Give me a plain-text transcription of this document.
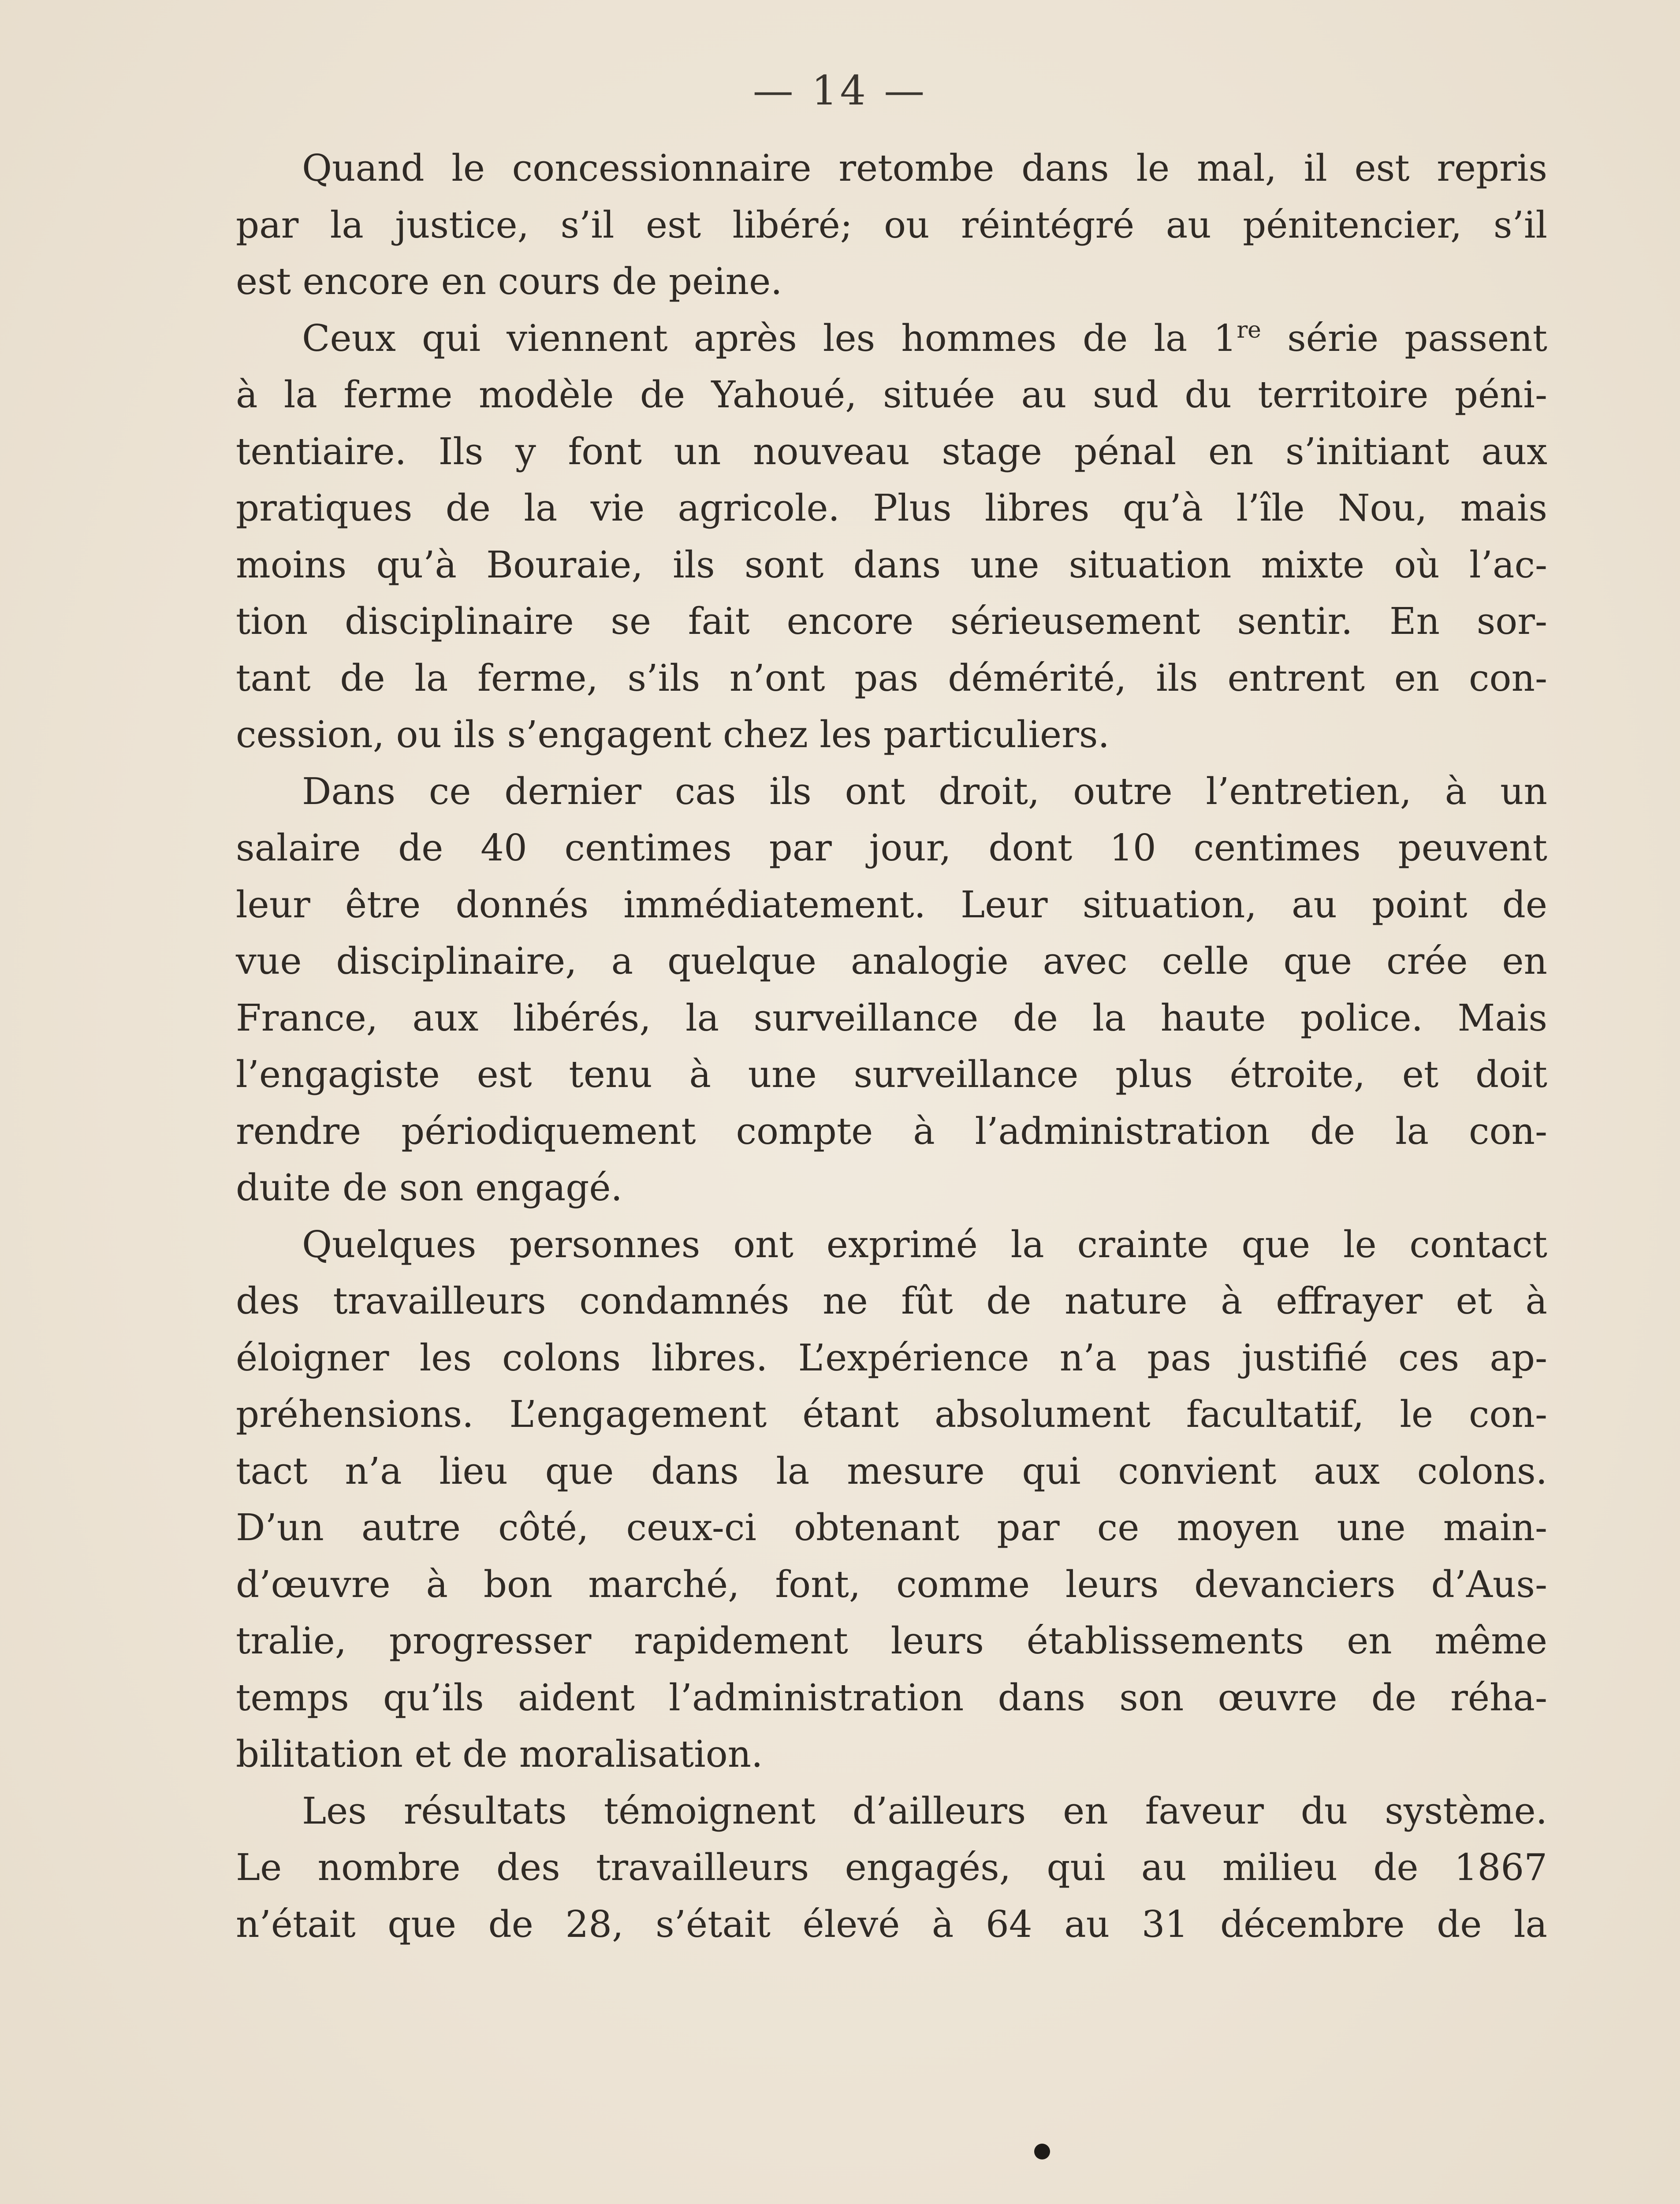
— 14 —
Quand le concessionnaire retombe dans le mal, il est repris
par la justice, s’il est libéré; ou réintégré au pénitencier, s’il
est encore en cours de peine.
Ceux qui viennent après les hommes de la 1re série passent
à la ferme modèle de Yahoué, située au sud du territoire péni-
tentiaire. Ils y font un nouveau stage pénal en s’initiant aux
pratiques de la vie agricole. Plus libres qu’à l’île Nou, mais
moins qu’à Bouraie, ils sont dans une situation mixte où l’ac-
tion disciplinaire se fait encore sérieusement sentir. En sor-
tant de la ferme, s’ils n’ont pas démérité, ils entrent en con-
cession, ou ils s’engagent chez les particuliers.
Dans ce dernier cas ils ont droit, outre l’entretien, à un
salaire de 40 centimes par jour, dont 10 centimes peuvent
leur être donnés immédiatement. Leur situation, au point de
vue disciplinaire, a quelque analogie avec celle que crée en
France, aux libérés, la surveillance de la haute police. Mais
l’engagiste est tenu à une surveillance plus étroite, et doit
rendre périodiquement compte à l’administration de la con-
duite de son engagé.
Quelques personnes ont exprimé la crainte que le contact
des travailleurs condamnés ne fût de nature à effrayer et à
éloigner les colons libres. L’expérience n’a pas justifié ces ap-
préhensions. L’engagement étant absolument facultatif, le con-
tact n’a lieu que dans la mesure qui convient aux colons.
D’un autre côté, ceux-ci obtenant par ce moyen une main-
d’œuvre à bon marché, font, comme leurs devanciers d’Aus-
tralie, progresser rapidement leurs établissements en même
temps qu’ils aident l’administration dans son œuvre de réha-
bilitation et de moralisation.
Les résultats témoignent d’ailleurs en faveur du système.
Le nombre des travailleurs engagés, qui au milieu de 1867
n’était que de 28, s’était élevé à 64 au 31 décembre de la
